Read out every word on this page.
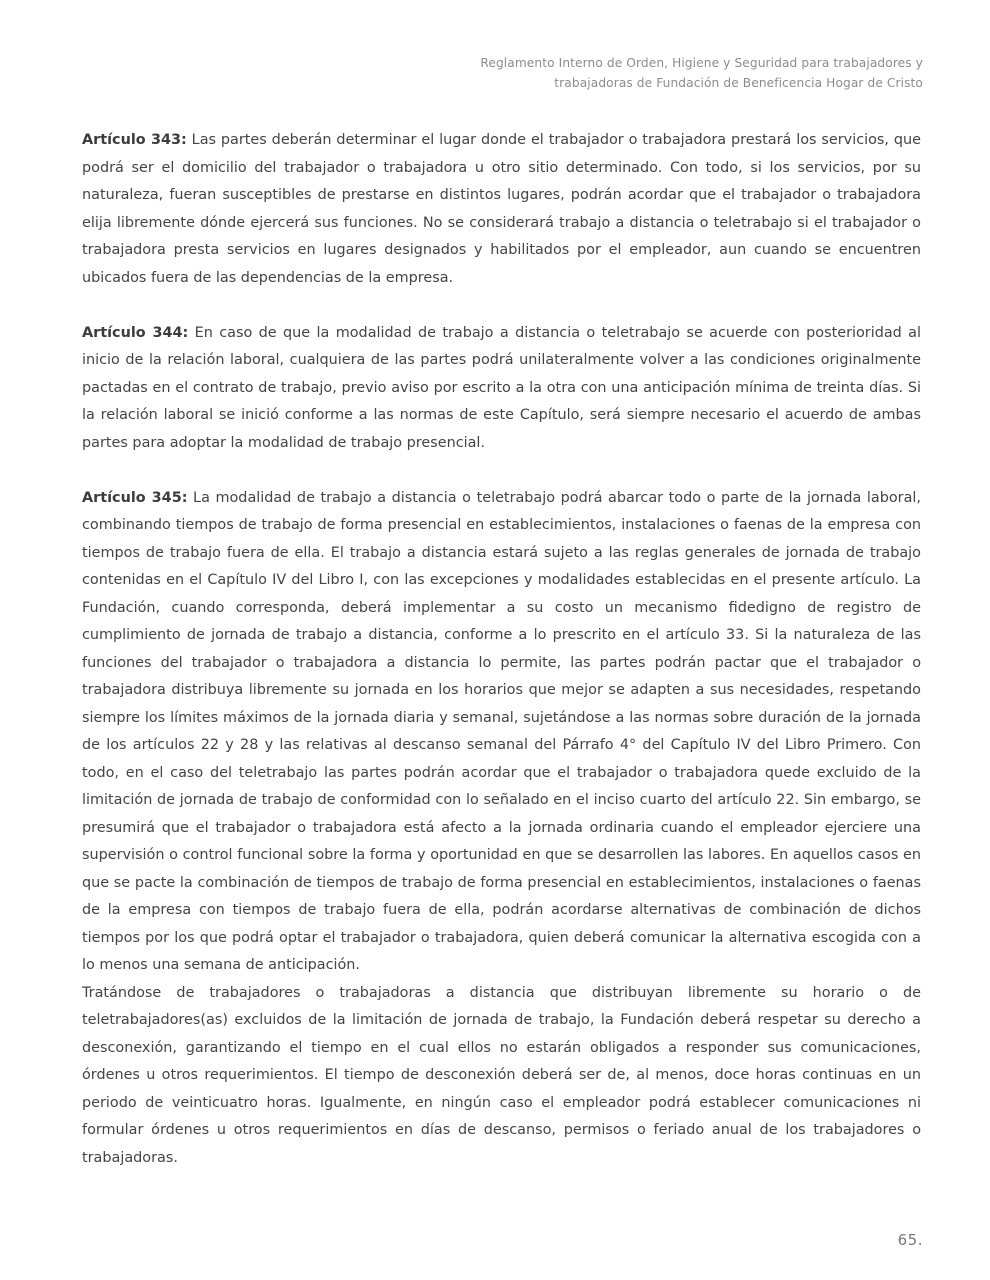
Reglamento Interno de Orden, Higiene y Seguridad para trabajadores y
trabajadoras de Fundación de Beneficencia Hogar de Cristo

Artículo 343: Las partes deberán determinar el lugar donde el trabajador o trabajadora prestará los servicios, que podrá ser el domicilio del trabajador o trabajadora u otro sitio determinado. Con todo, si los servicios, por su naturaleza, fueran susceptibles de prestarse en distintos lugares, podrán acordar que el trabajador o trabajadora elija libremente dónde ejercerá sus funciones. No se considerará trabajo a distancia o teletrabajo si el trabajador o trabajadora presta servicios en lugares designados y habilitados por el empleador, aun cuando se encuentren ubicados fuera de las dependencias de la empresa.

Artículo 344: En caso de que la modalidad de trabajo a distancia o teletrabajo se acuerde con posterioridad al inicio de la relación laboral, cualquiera de las partes podrá unilateralmente volver a las condiciones originalmente pactadas en el contrato de trabajo, previo aviso por escrito a la otra con una anticipación mínima de treinta días. Si la relación laboral se inició conforme a las normas de este Capítulo, será siempre necesario el acuerdo de ambas partes para adoptar la modalidad de trabajo presencial.

Artículo 345: La modalidad de trabajo a distancia o teletrabajo podrá abarcar todo o parte de la jornada laboral, combinando tiempos de trabajo de forma presencial en establecimientos, instalaciones o faenas de la empresa con tiempos de trabajo fuera de ella. El trabajo a distancia estará sujeto a las reglas generales de jornada de trabajo contenidas en el Capítulo IV del Libro I, con las excepciones y modalidades establecidas en el presente artículo. La Fundación, cuando corresponda, deberá implementar a su costo un mecanismo fidedigno de registro de cumplimiento de jornada de trabajo a distancia, conforme a lo prescrito en el artículo 33. Si la naturaleza de las funciones del trabajador o trabajadora a distancia lo permite, las partes podrán pactar que el trabajador o trabajadora distribuya libremente su jornada en los horarios que mejor se adapten a sus necesidades, respetando siempre los límites máximos de la jornada diaria y semanal, sujetándose a las normas sobre duración de la jornada de los artículos 22 y 28 y las relativas al descanso semanal del Párrafo 4° del Capítulo IV del Libro Primero. Con todo, en el caso del teletrabajo las partes podrán acordar que el trabajador o trabajadora quede excluido de la limitación de jornada de trabajo de conformidad con lo señalado en el inciso cuarto del artículo 22. Sin embargo, se presumirá que el trabajador o trabajadora está afecto a la jornada ordinaria cuando el empleador ejerciere una supervisión o control funcional sobre la forma y oportunidad en que se desarrollen las labores. En aquellos casos en que se pacte la combinación de tiempos de trabajo de forma presencial en establecimientos, instalaciones o faenas de la empresa con tiempos de trabajo fuera de ella, podrán acordarse alternativas de combinación de dichos tiempos por los que podrá optar el trabajador o trabajadora, quien deberá comunicar la alternativa escogida con a lo menos una semana de anticipación.

Tratándose de trabajadores o trabajadoras a distancia que distribuyan libremente su horario o de teletrabajadores(as) excluidos de la limitación de jornada de trabajo, la Fundación deberá respetar su derecho a desconexión, garantizando el tiempo en el cual ellos no estarán obligados a responder sus comunicaciones, órdenes u otros requerimientos. El tiempo de desconexión deberá ser de, al menos, doce horas continuas en un periodo de veinticuatro horas. Igualmente, en ningún caso el empleador podrá establecer comunicaciones ni formular órdenes u otros requerimientos en días de descanso, permisos o feriado anual de los trabajadores o trabajadoras.

65.
